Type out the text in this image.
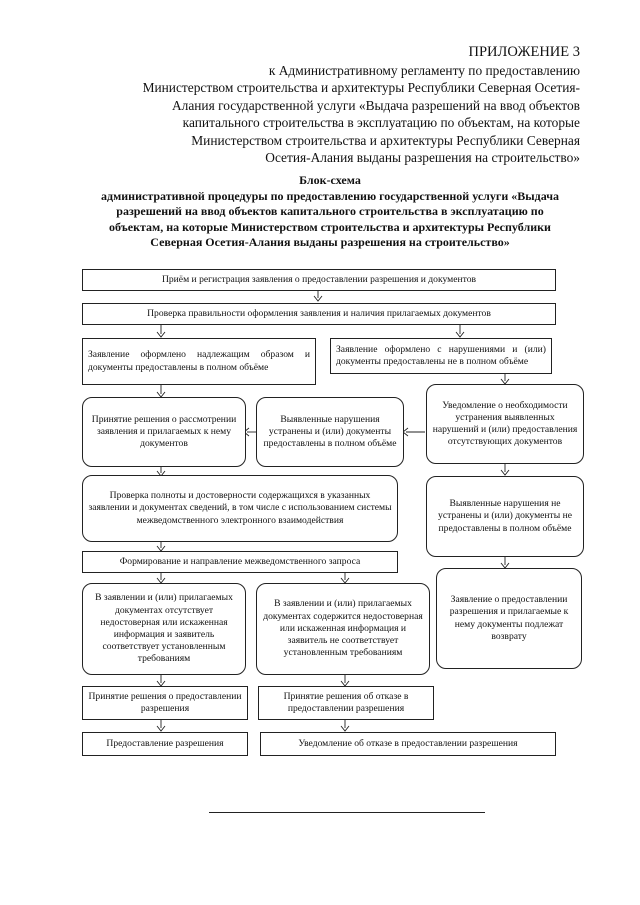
ПРИЛОЖЕНИЕ 3
к Административному регламенту по предоставлению
Министерством строительства и архитектуры Республики Северная Осетия-
Алания государственной услуги «Выдача разрешений на ввод объектов
капитального строительства в эксплуатацию по объектам, на которые
Министерством строительства и архитектуры Республики Северная
Осетия-Алания выданы разрешения на строительство»
Блок-схема
административной процедуры по предоставлению государственной услуги «Выдача
разрешений на ввод объектов капитального строительства в эксплуатацию по
объектам, на которые Министерством строительства и архитектуры Республики
Северная Осетия-Алания выданы разрешения на строительство»
Приём и регистрация заявления о предоставлении разрешения и документов
Проверка правильности оформления заявления и наличия прилагаемых документов
Заявление оформлено надлежащим образом и документы предоставлены в полном объёме
Заявление оформлено с нарушениями и (или) документы предоставлены не в полном объёме
Принятие решения о рассмотрении заявления и прилагаемых к нему документов
Выявленные нарушения устранены и (или) документы предоставлены в полном объёме
Уведомление о необходимости устранения выявленных нарушений и (или) предоставления отсутствующих документов
Проверка полноты и достоверности содержащихся в указанных заявлении и документах сведений, в том числе с использованием системы межведомственного электронного взаимодействия
Выявленные нарушения не устранены и (или) документы не предоставлены в полном объёме
Формирование и направление межведомственного запроса
Заявление о предоставлении разрешения и прилагаемые к нему документы подлежат возврату
В заявлении и (или) прилагаемых документах отсутствует недостоверная или искаженная информация и заявитель соответствует установленным требованиям
В заявлении и (или) прилагаемых документах содержится недостоверная или искаженная информация и заявитель не соответствует установленным требованиям
Принятие решения о предоставлении разрешения
Принятие решения об отказе в предоставлении разрешения
Предоставление разрешения	Уведомление об отказе в предоставлении разрешения
